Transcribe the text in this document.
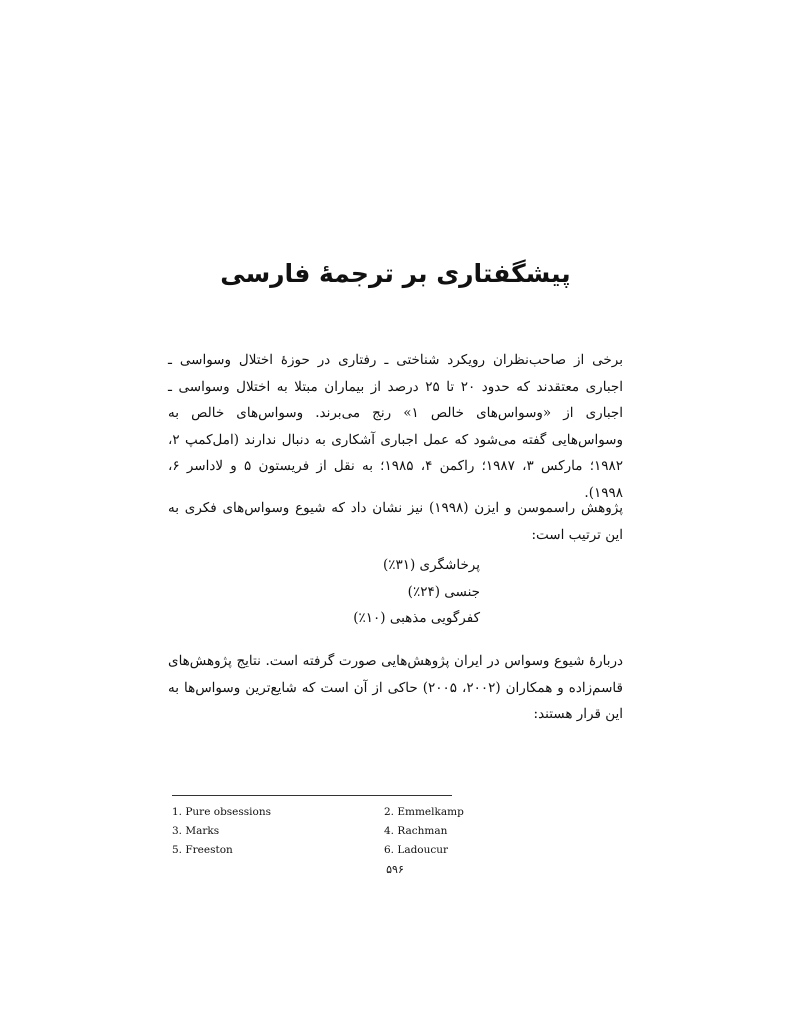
پیشگفتاری بر ترجمهٔ فارسی

برخی از صاحب‌نظران رویکرد شناختی ـ رفتاری در حوزهٔ اختلال وسواسی ـ اجباری معتقدند که حدود ۲۰ تا ۲۵ درصد از بیماران مبتلا به اختلال وسواسی ـ اجباری از «وسواس‌های خالص ۱» رنج می‌برند. وسواس‌های خالص به وسواس‌هایی گفته می‌شود که عمل اجباری آشکاری به دنبال ندارند (امل‌کمپ ۲، ۱۹۸۲؛ مارکس ۳، ۱۹۸۷؛ راکمن ۴، ۱۹۸۵؛ به نقل از فریستون ۵ و لاداسر ۶، ۱۹۹۸).

پژوهش راسموسن و ایزن (۱۹۹۸) نیز نشان داد که شیوع وسواس‌های فکری به این ترتیب است:

پرخاشگری (۳۱٪)
جنسی (۲۴٪)
کفرگویی مذهبی (۱۰٪)

دربارهٔ شیوع وسواس در ایران پژوهش‌هایی صورت گرفته است. نتایج پژوهش‌های قاسم‌زاده و همکاران (۲۰۰۲، ۲۰۰۵) حاکی از آن است که شایع‌ترین وسواس‌ها به این قرار هستند:

1. Pure obsessions	2. Emmelkamp
3. Marks	4. Rachman
5. Freeston	6. Ladoucur
۵۹۶
